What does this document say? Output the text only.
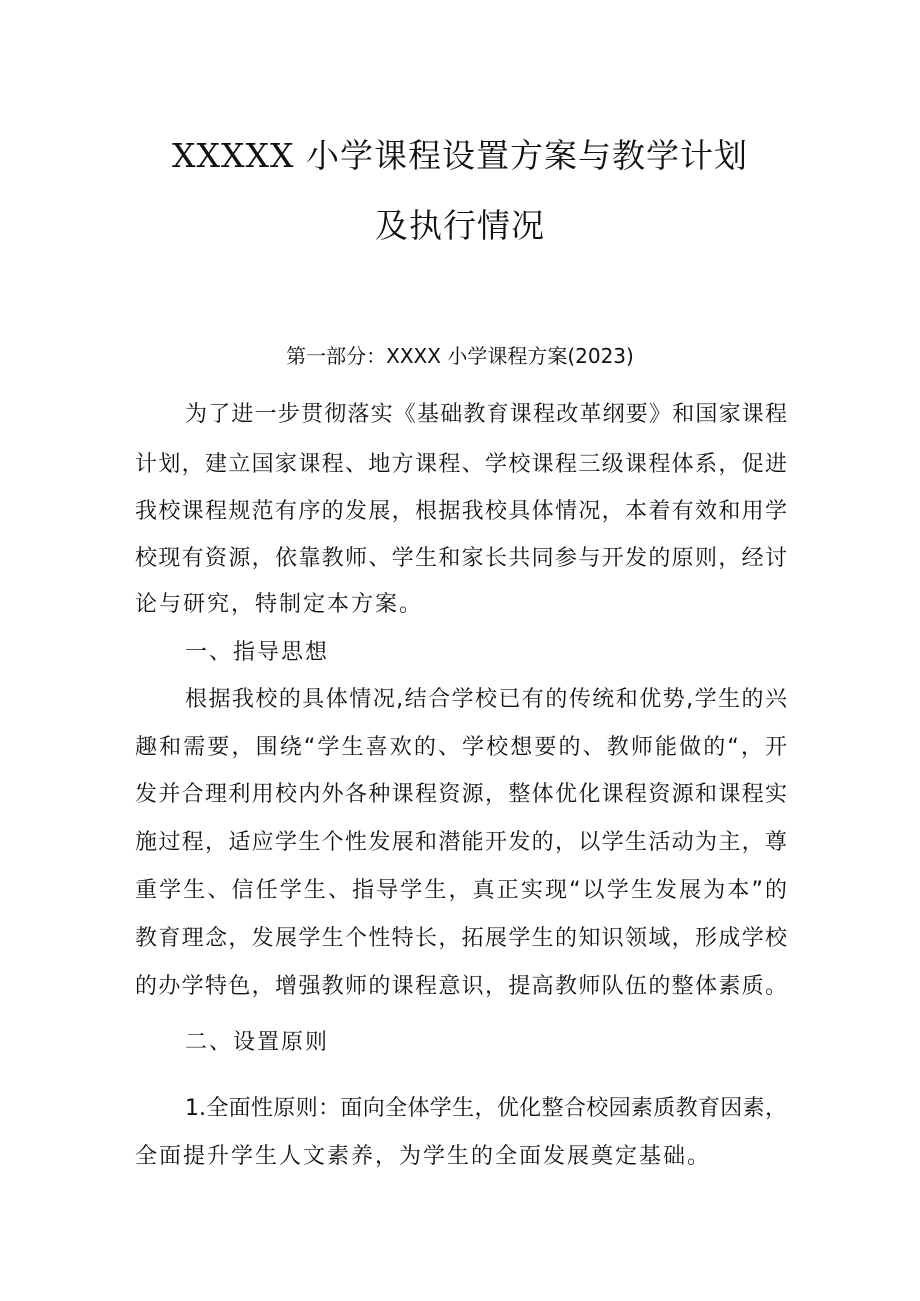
XXXXX 小学课程设置方案与教学计划
及执行情况
第一部分：XXXX 小学课程方案(2023)
为了进一步贯彻落实《基础教育课程改革纲要》和国家课程
计划，建立国家课程、地方课程、学校课程三级课程体系，促进
我校课程规范有序的发展，根据我校具体情况，本着有效和用学
校现有资源，依靠教师、学生和家长共同参与开发的原则，经讨
论与研究，特制定本方案。
一、指导思想
根据我校的具体情况,结合学校已有的传统和优势,学生的兴
趣和需要，围绕“学生喜欢的、学校想要的、教师能做的“，开
发并合理利用校内外各种课程资源，整体优化课程资源和课程实
施过程，适应学生个性发展和潜能开发的，以学生活动为主，尊
重学生、信任学生、指导学生，真正实现“以学生发展为本”的
教育理念，发展学生个性特长，拓展学生的知识领域，形成学校
的办学特色，增强教师的课程意识，提高教师队伍的整体素质。
二、设置原则
1.全面性原则：面向全体学生，优化整合校园素质教育因素，
全面提升学生人文素养，为学生的全面发展奠定基础。
